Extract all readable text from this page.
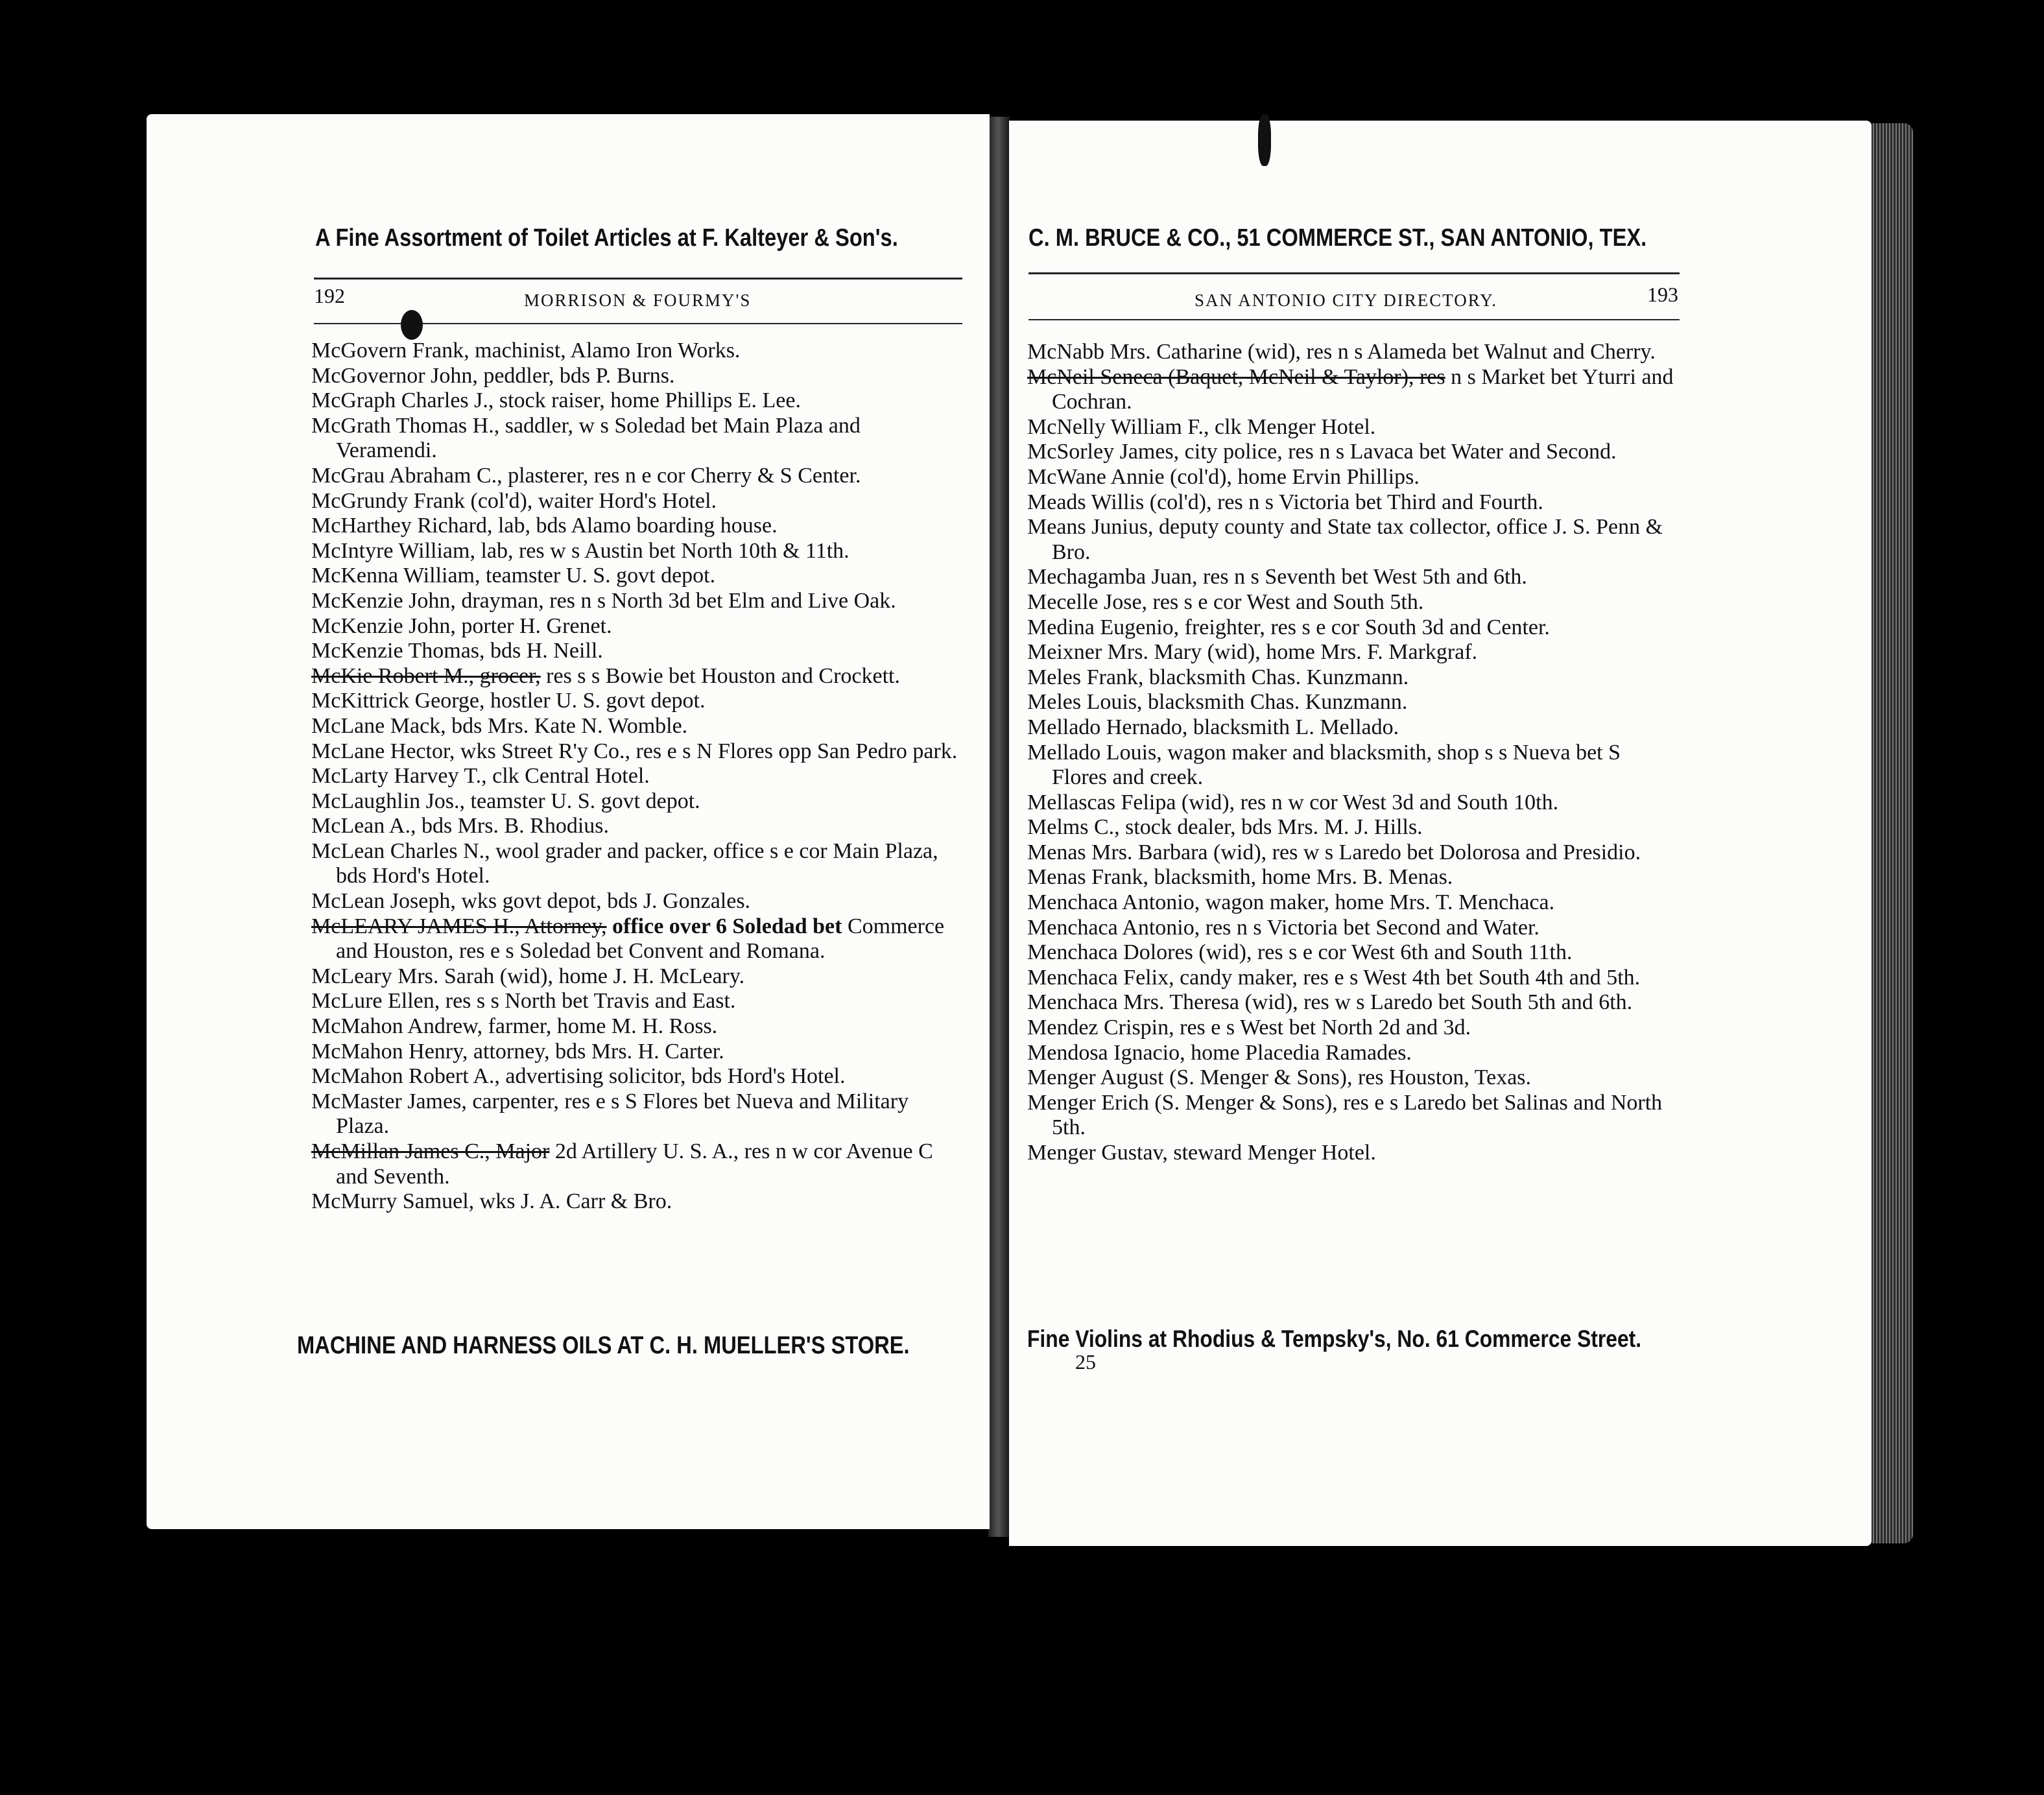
A Fine Assortment of Toilet Articles at F. Kalteyer & Son's.
192	MORRISON & FOURMY'S

McGovern Frank, machinist, Alamo Iron Works.

McGovernor John, peddler, bds P. Burns.

McGraph Charles J., stock raiser, home Phillips E. Lee.

McGrath Thomas H., saddler, w s Soledad bet Main Plaza and Veramendi.

McGrau Abraham C., plasterer, res n e cor Cherry & S Center.

McGrundy Frank (col'd), waiter Hord's Hotel.

McHarthey Richard, lab, bds Alamo boarding house.

McIntyre William, lab, res w s Austin bet North 10th & 11th.

McKenna William, teamster U. S. govt depot.

McKenzie John, drayman, res n s North 3d bet Elm and Live Oak.

McKenzie John, porter H. Grenet.

McKenzie Thomas, bds H. Neill.

McKie Robert M., grocer, res s s Bowie bet Houston and Crockett.

McKittrick George, hostler U. S. govt depot.

McLane Mack, bds Mrs. Kate N. Womble.

McLane Hector, wks Street R'y Co., res e s N Flores opp San Pedro park.

McLarty Harvey T., clk Central Hotel.

McLaughlin Jos., teamster U. S. govt depot.

McLean A., bds Mrs. B. Rhodius.

McLean Charles N., wool grader and packer, office s e cor Main Plaza, bds Hord's Hotel.

McLean Joseph, wks govt depot, bds J. Gonzales.

McLEARY JAMES H., Attorney, office over 6 Soledad bet Commerce and Houston, res e s Soledad bet Convent and Romana.

McLeary Mrs. Sarah (wid), home J. H. McLeary.

McLure Ellen, res s s North bet Travis and East.

McMahon Andrew, farmer, home M. H. Ross.

McMahon Henry, attorney, bds Mrs. H. Carter.

McMahon Robert A., advertising solicitor, bds Hord's Hotel.

McMaster James, carpenter, res e s S Flores bet Nueva and Military Plaza.

McMillan James C., Major 2d Artillery U. S. A., res n w cor Avenue C and Seventh.

McMurry Samuel, wks J. A. Carr & Bro.

MACHINE AND HARNESS OILS AT C. H. MUELLER'S STORE.
C. M. BRUCE & CO., 51 COMMERCE ST., SAN ANTONIO, TEX.
SAN ANTONIO CITY DIRECTORY.	193

McNabb Mrs. Catharine (wid), res n s Alameda bet Walnut and Cherry.

McNeil Seneca (Baquet, McNeil & Taylor), res n s Market bet Yturri and Cochran.

McNelly William F., clk Menger Hotel.

McSorley James, city police, res n s Lavaca bet Water and Second.

McWane Annie (col'd), home Ervin Phillips.

Meads Willis (col'd), res n s Victoria bet Third and Fourth.

Means Junius, deputy county and State tax collector, office J. S. Penn & Bro.

Mechagamba Juan, res n s Seventh bet West 5th and 6th.

Mecelle Jose, res s e cor West and South 5th.

Medina Eugenio, freighter, res s e cor South 3d and Center.

Meixner Mrs. Mary (wid), home Mrs. F. Markgraf.

Meles Frank, blacksmith Chas. Kunzmann.

Meles Louis, blacksmith Chas. Kunzmann.

Mellado Hernado, blacksmith L. Mellado.

Mellado Louis, wagon maker and blacksmith, shop s s Nueva bet S Flores and creek.

Mellascas Felipa (wid), res n w cor West 3d and South 10th.

Melms C., stock dealer, bds Mrs. M. J. Hills.

Menas Mrs. Barbara (wid), res w s Laredo bet Dolorosa and Presidio.

Menas Frank, blacksmith, home Mrs. B. Menas.

Menchaca Antonio, wagon maker, home Mrs. T. Menchaca.

Menchaca Antonio, res n s Victoria bet Second and Water.

Menchaca Dolores (wid), res s e cor West 6th and South 11th.

Menchaca Felix, candy maker, res e s West 4th bet South 4th and 5th.

Menchaca Mrs. Theresa (wid), res w s Laredo bet South 5th and 6th.

Mendez Crispin, res e s West bet North 2d and 3d.

Mendosa Ignacio, home Placedia Ramades.

Menger August (S. Menger & Sons), res Houston, Texas.

Menger Erich (S. Menger & Sons), res e s Laredo bet Salinas and North 5th.

Menger Gustav, steward Menger Hotel.

Fine Violins at Rhodius & Tempsky's, No. 61 Commerce Street.
25
